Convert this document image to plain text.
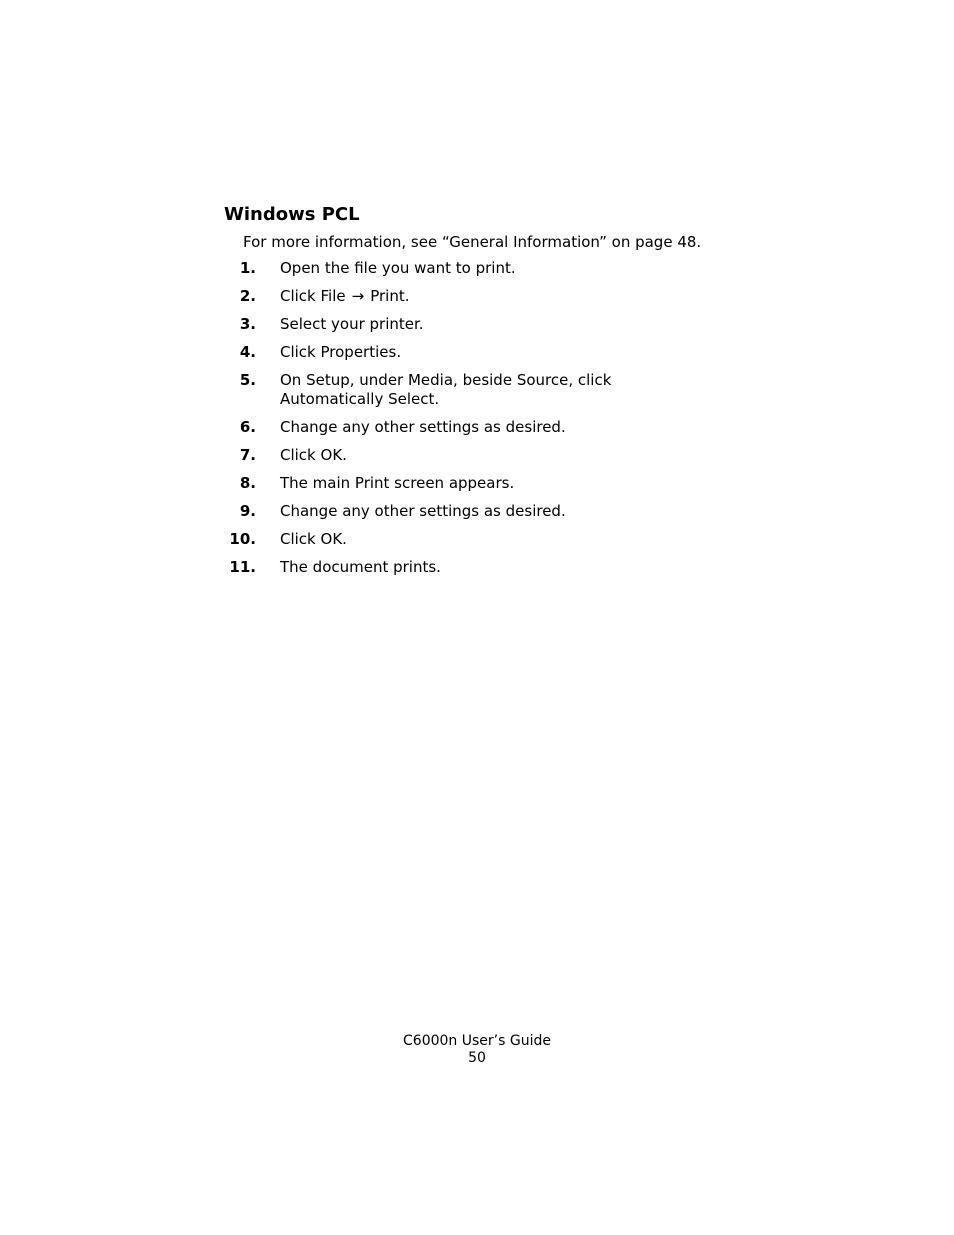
Windows PCL

For more information, see “General Information” on page 48.

1. Open the file you want to print.
2. Click File → Print.
3. Select your printer.
4. Click Properties.
5. On Setup, under Media, beside Source, click Automatically Select.
6. Change any other settings as desired.
7. Click OK.
8. The main Print screen appears.
9. Change any other settings as desired.
10. Click OK.
11. The document prints.
C6000n User’s Guide
50
